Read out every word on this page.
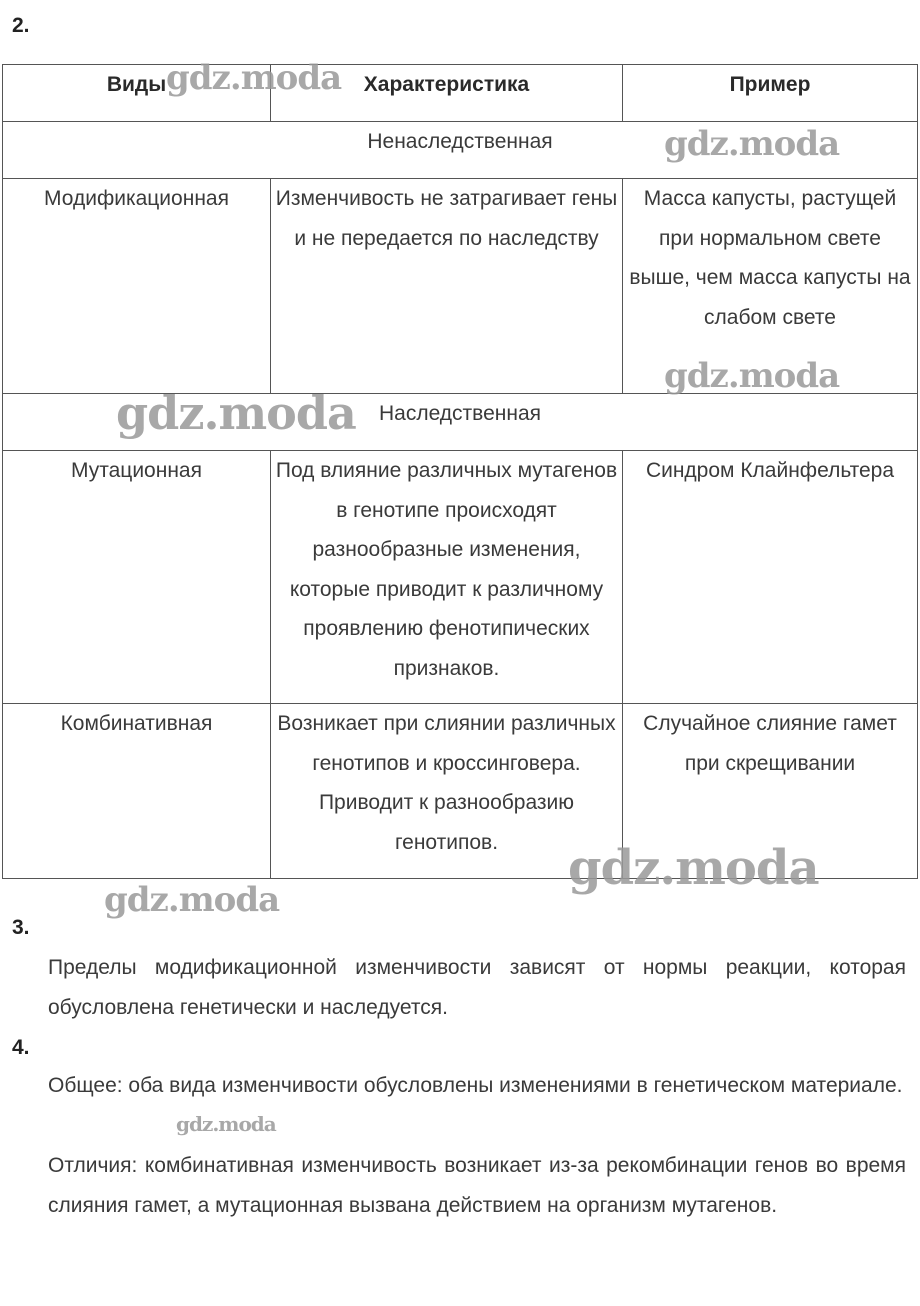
2.
Виды	Характеристика	Пример
Ненаследственная		
Модификационная	Изменчивость не затрагивает гены и не передается по наследству	Масса капусты, растущей при нормальном свете выше, чем масса капусты на слабом свете
Наследственная		
Мутационная	Под влияние различных мутагенов в генотипе происходят разнообразные изменения, которые приводит к различному проявлению фенотипических признаков.	Синдром Клайнфельтера
Комбинативная	Возникает при слиянии различных генотипов и кроссинговера. Приводит к разнообразию генотипов.	Случайное слияние гамет при скрещивании
3.
Пределы модификационной изменчивости зависят от нормы реакции, которая обусловлена генетически и наследуется.
4.
Общее: оба вида изменчивости обусловлены изменениями в генетическом материале.
Отличия: комбинативная изменчивость возникает из-за рекомбинации генов во время слияния гамет, а мутационная вызвана действием на организм мутагенов.
gdz.moda
gdz.moda
gdz.moda
gdz.moda
gdz.moda
gdz.moda
gdz.moda
